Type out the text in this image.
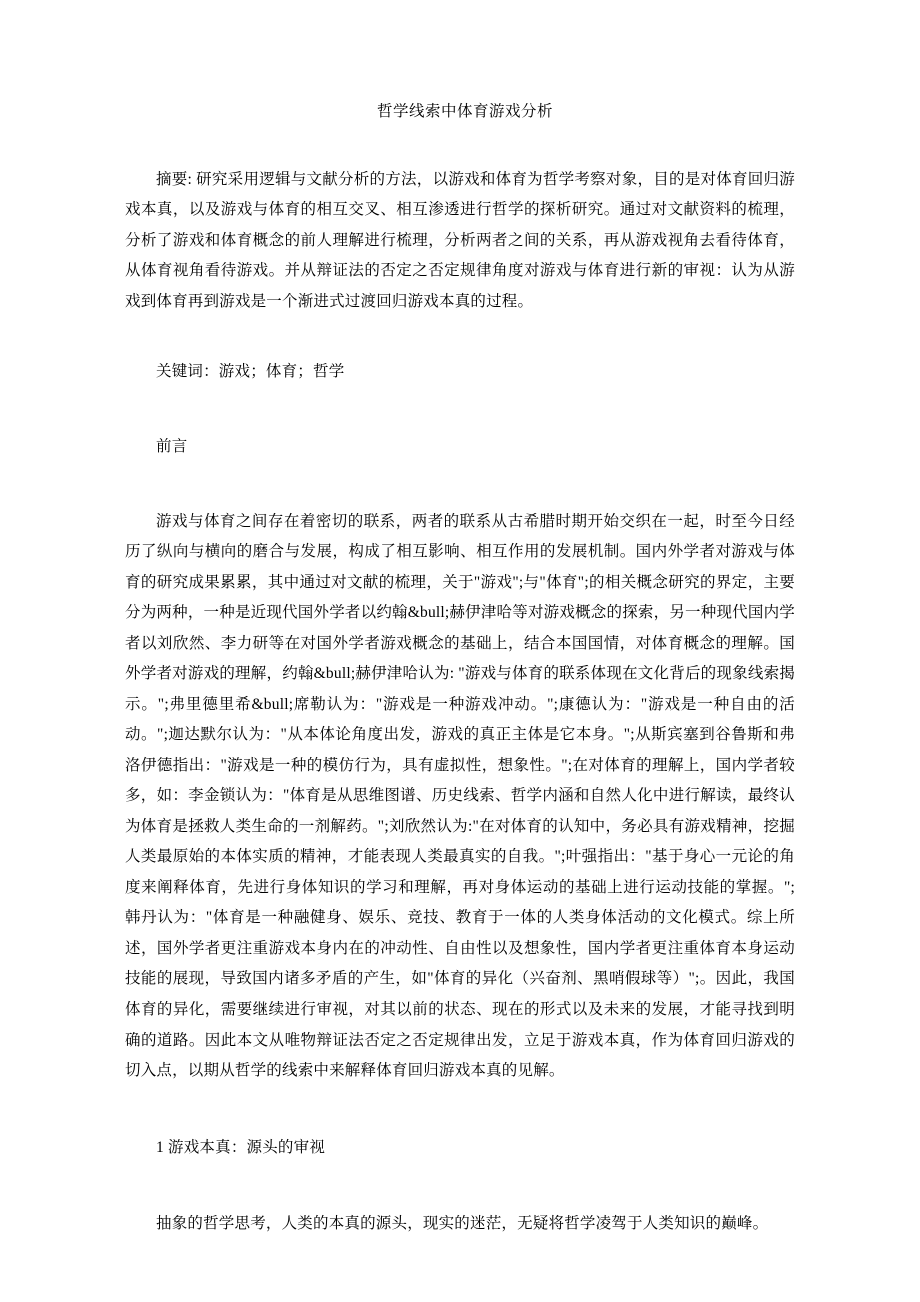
哲学线索中体育游戏分析

摘要: 研究采用逻辑与文献分析的方法，以游戏和体育为哲学考察对象，目的是对体育回归游戏本真，以及游戏与体育的相互交叉、相互渗透进行哲学的探析研究。通过对文献资料的梳理，分析了游戏和体育概念的前人理解进行梳理，分析两者之间的关系，再从游戏视角去看待体育，从体育视角看待游戏。并从辩证法的否定之否定规律角度对游戏与体育进行新的审视：认为从游戏到体育再到游戏是一个渐进式过渡回归游戏本真的过程。

关键词：游戏；体育；哲学

前言

游戏与体育之间存在着密切的联系，两者的联系从古希腊时期开始交织在一起，时至今日经历了纵向与横向的磨合与发展，构成了相互影响、相互作用的发展机制。国内外学者对游戏与体育的研究成果累累，其中通过对文献的梳理，关于"游戏";与"体育";的相关概念研究的界定，主要分为两种，一种是近现代国外学者以约翰&bull;赫伊津哈等对游戏概念的探索，另一种现代国内学者以刘欣然、李力研等在对国外学者游戏概念的基础上，结合本国国情，对体育概念的理解。国外学者对游戏的理解，约翰&bull;赫伊津哈认为: "游戏与体育的联系体现在文化背后的现象线索揭示。";弗里德里希&bull;席勒认为："游戏是一种游戏冲动。";康德认为："游戏是一种自由的活动。";迦达默尔认为："从本体论角度出发，游戏的真正主体是它本身。";从斯宾塞到谷鲁斯和弗洛伊德指出："游戏是一种的模仿行为，具有虚拟性，想象性。";在对体育的理解上，国内学者较多，如：李金锁认为："体育是从思维图谱、历史线索、哲学内涵和自然人化中进行解读，最终认为体育是拯救人类生命的一剂解药。";刘欣然认为:"在对体育的认知中，务必具有游戏精神，挖掘人类最原始的本体实质的精神，才能表现人类最真实的自我。";叶强指出："基于身心一元论的角度来阐释体育，先进行身体知识的学习和理解，再对身体运动的基础上进行运动技能的掌握。";韩丹认为："体育是一种融健身、娱乐、竞技、教育于一体的人类身体活动的文化模式。综上所述，国外学者更注重游戏本身内在的冲动性、自由性以及想象性，国内学者更注重体育本身运动技能的展现，导致国内诸多矛盾的产生，如"体育的异化（兴奋剂、黑哨假球等）";。因此，我国体育的异化，需要继续进行审视，对其以前的状态、现在的形式以及未来的发展，才能寻找到明确的道路。因此本文从唯物辩证法否定之否定规律出发，立足于游戏本真，作为体育回归游戏的切入点，以期从哲学的线索中来解释体育回归游戏本真的见解。

1 游戏本真：源头的审视

抽象的哲学思考，人类的本真的源头，现实的迷茫，无疑将哲学凌驾于人类知识的巅峰。
